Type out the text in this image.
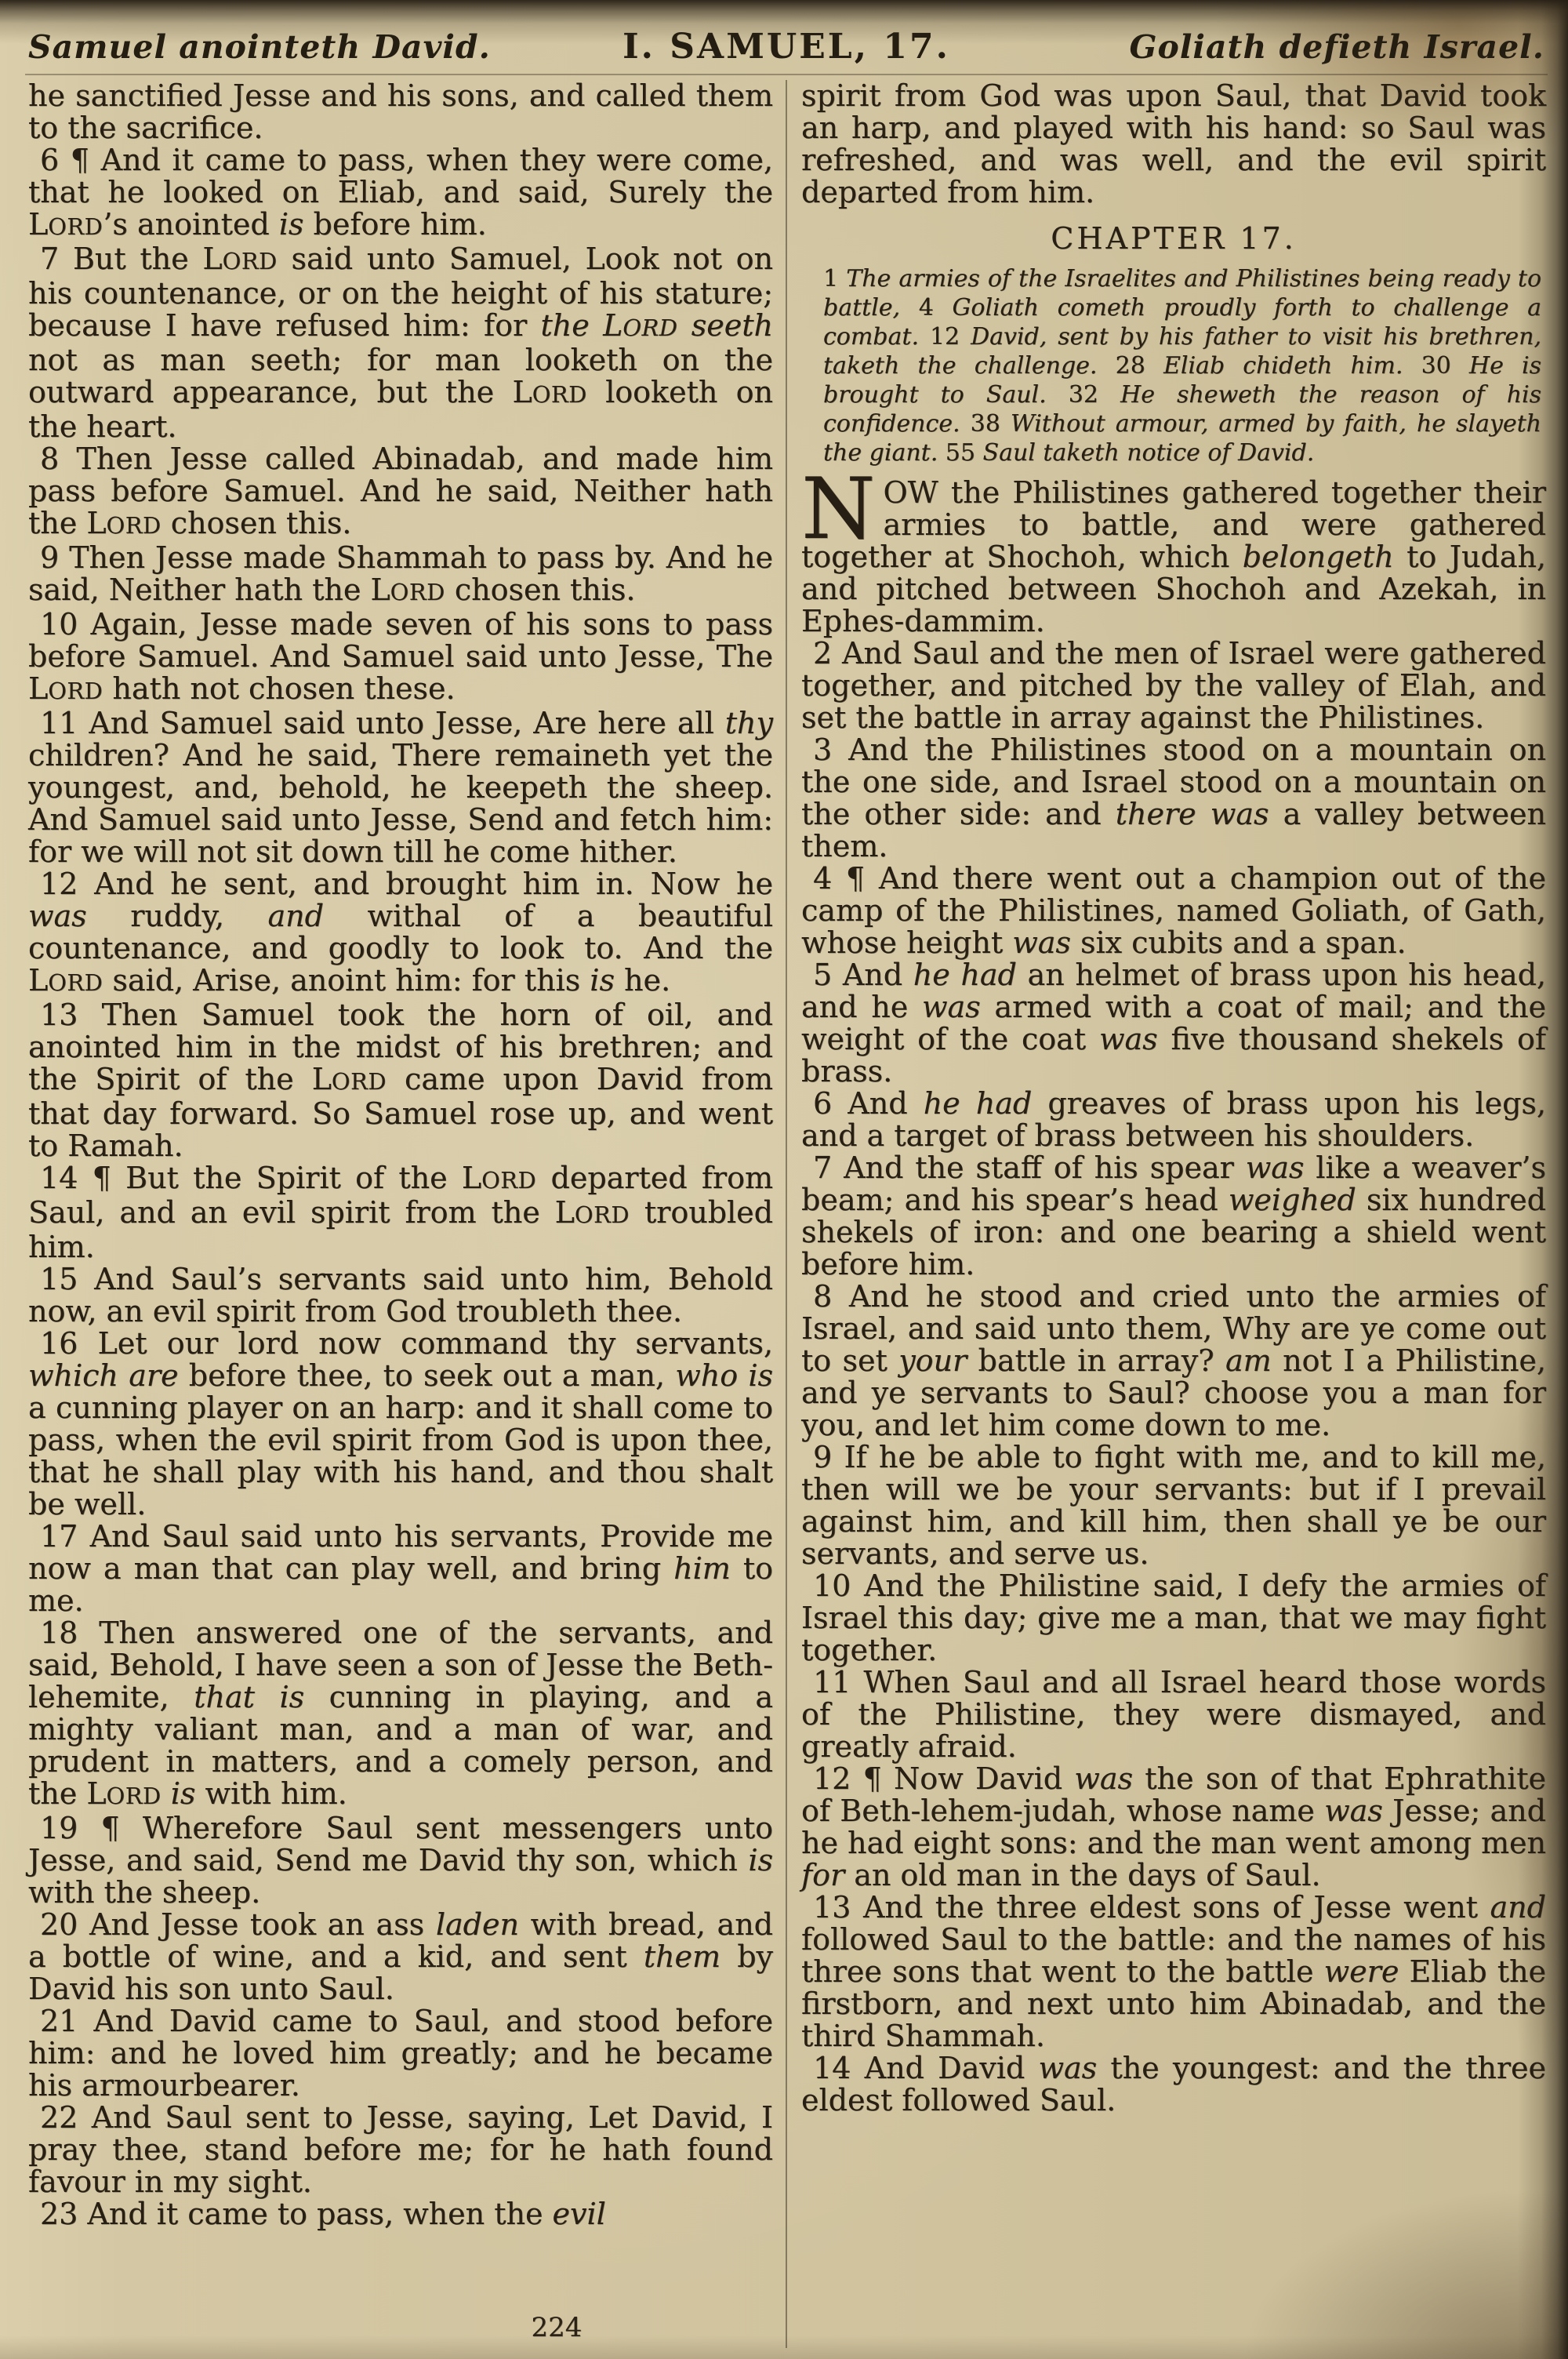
Samuel anointeth David.	I. SAMUEL, 17.	Goliath defieth Israel.

he sanctified Jesse and his sons, and called them to the sacrifice.

6 ¶ And it came to pass, when they were come, that he looked on Eliab, and said, Surely the LORD’s anointed is before him.

7 But the LORD said unto Samuel, Look not on his countenance, or on the height of his stature; because I have refused him: for the LORD seeth not as man seeth; for man looketh on the outward appearance, but the LORD looketh on the heart.

8 Then Jesse called Abinadab, and made him pass before Samuel. And he said, Neither hath the LORD chosen this.

9 Then Jesse made Shammah to pass by. And he said, Neither hath the LORD chosen this.

10 Again, Jesse made seven of his sons to pass before Samuel. And Samuel said unto Jesse, The LORD hath not chosen these.

11 And Samuel said unto Jesse, Are here all thy children? And he said, There remaineth yet the youngest, and, behold, he keepeth the sheep. And Samuel said unto Jesse, Send and fetch him: for we will not sit down till he come hither.

12 And he sent, and brought him in. Now he was ruddy, and withal of a beautiful countenance, and goodly to look to. And the LORD said, Arise, anoint him: for this is he.

13 Then Samuel took the horn of oil, and anointed him in the midst of his brethren; and the Spirit of the LORD came upon David from that day forward. So Samuel rose up, and went to Ramah.

14 ¶ But the Spirit of the LORD departed from Saul, and an evil spirit from the LORD troubled him.

15 And Saul’s servants said unto him, Behold now, an evil spirit from God troubleth thee.

16 Let our lord now command thy servants, which are before thee, to seek out a man, who is a cunning player on an harp: and it shall come to pass, when the evil spirit from God is upon thee, that he shall play with his hand, and thou shalt be well.

17 And Saul said unto his servants, Provide me now a man that can play well, and bring him to me.

18 Then answered one of the servants, and said, Behold, I have seen a son of Jesse the Beth-lehemite, that is cunning in playing, and a mighty valiant man, and a man of war, and prudent in matters, and a comely person, and the LORD is with him.

19 ¶ Wherefore Saul sent messengers unto Jesse, and said, Send me David thy son, which is with the sheep.

20 And Jesse took an ass laden with bread, and a bottle of wine, and a kid, and sent them by David his son unto Saul.

21 And David came to Saul, and stood before him: and he loved him greatly; and he became his armourbearer.

22 And Saul sent to Jesse, saying, Let David, I pray thee, stand before me; for he hath found favour in my sight.

23 And it came to pass, when the evil

spirit from God was upon Saul, that David took an harp, and played with his hand: so Saul was refreshed, and was well, and the evil spirit departed from him.

CHAPTER 17.

1 The armies of the Israelites and Philistines being ready to battle, 4 Goliath cometh proudly forth to challenge a combat. 12 David, sent by his father to visit his brethren, taketh the challenge. 28 Eliab chideth him. 30 He is brought to Saul. 32 He sheweth the reason of his confidence. 38 Without armour, armed by faith, he slayeth the giant. 55 Saul taketh notice of David.

NOW the Philistines gathered together their armies to battle, and were gathered together at Shochoh, which belongeth to Judah, and pitched between Shochoh and Azekah, in Ephes-dammim.

2 And Saul and the men of Israel were gathered together, and pitched by the valley of Elah, and set the battle in array against the Philistines.

3 And the Philistines stood on a mountain on the one side, and Israel stood on a mountain on the other side: and there was a valley between them.

4 ¶ And there went out a champion out of the camp of the Philistines, named Goliath, of Gath, whose height was six cubits and a span.

5 And he had an helmet of brass upon his head, and he was armed with a coat of mail; and the weight of the coat was five thousand shekels of brass.

6 And he had greaves of brass upon his legs, and a target of brass between his shoulders.

7 And the staff of his spear was like a weaver’s beam; and his spear’s head weighed six hundred shekels of iron: and one bearing a shield went before him.

8 And he stood and cried unto the armies of Israel, and said unto them, Why are ye come out to set your battle in array? am not I a Philistine, and ye servants to Saul? choose you a man for you, and let him come down to me.

9 If he be able to fight with me, and to kill me, then will we be your servants: but if I prevail against him, and kill him, then shall ye be our servants, and serve us.

10 And the Philistine said, I defy the armies of Israel this day; give me a man, that we may fight together.

11 When Saul and all Israel heard those words of the Philistine, they were dismayed, and greatly afraid.

12 ¶ Now David was the son of that Ephrathite of Beth-lehem-judah, whose name was Jesse; and he had eight sons: and the man went among men for an old man in the days of Saul.

13 And the three eldest sons of Jesse went and followed Saul to the battle: and the names of his three sons that went to the battle were Eliab the firstborn, and next unto him Abinadab, and the third Shammah.

14 And David was the youngest: and the three eldest followed Saul.

224
